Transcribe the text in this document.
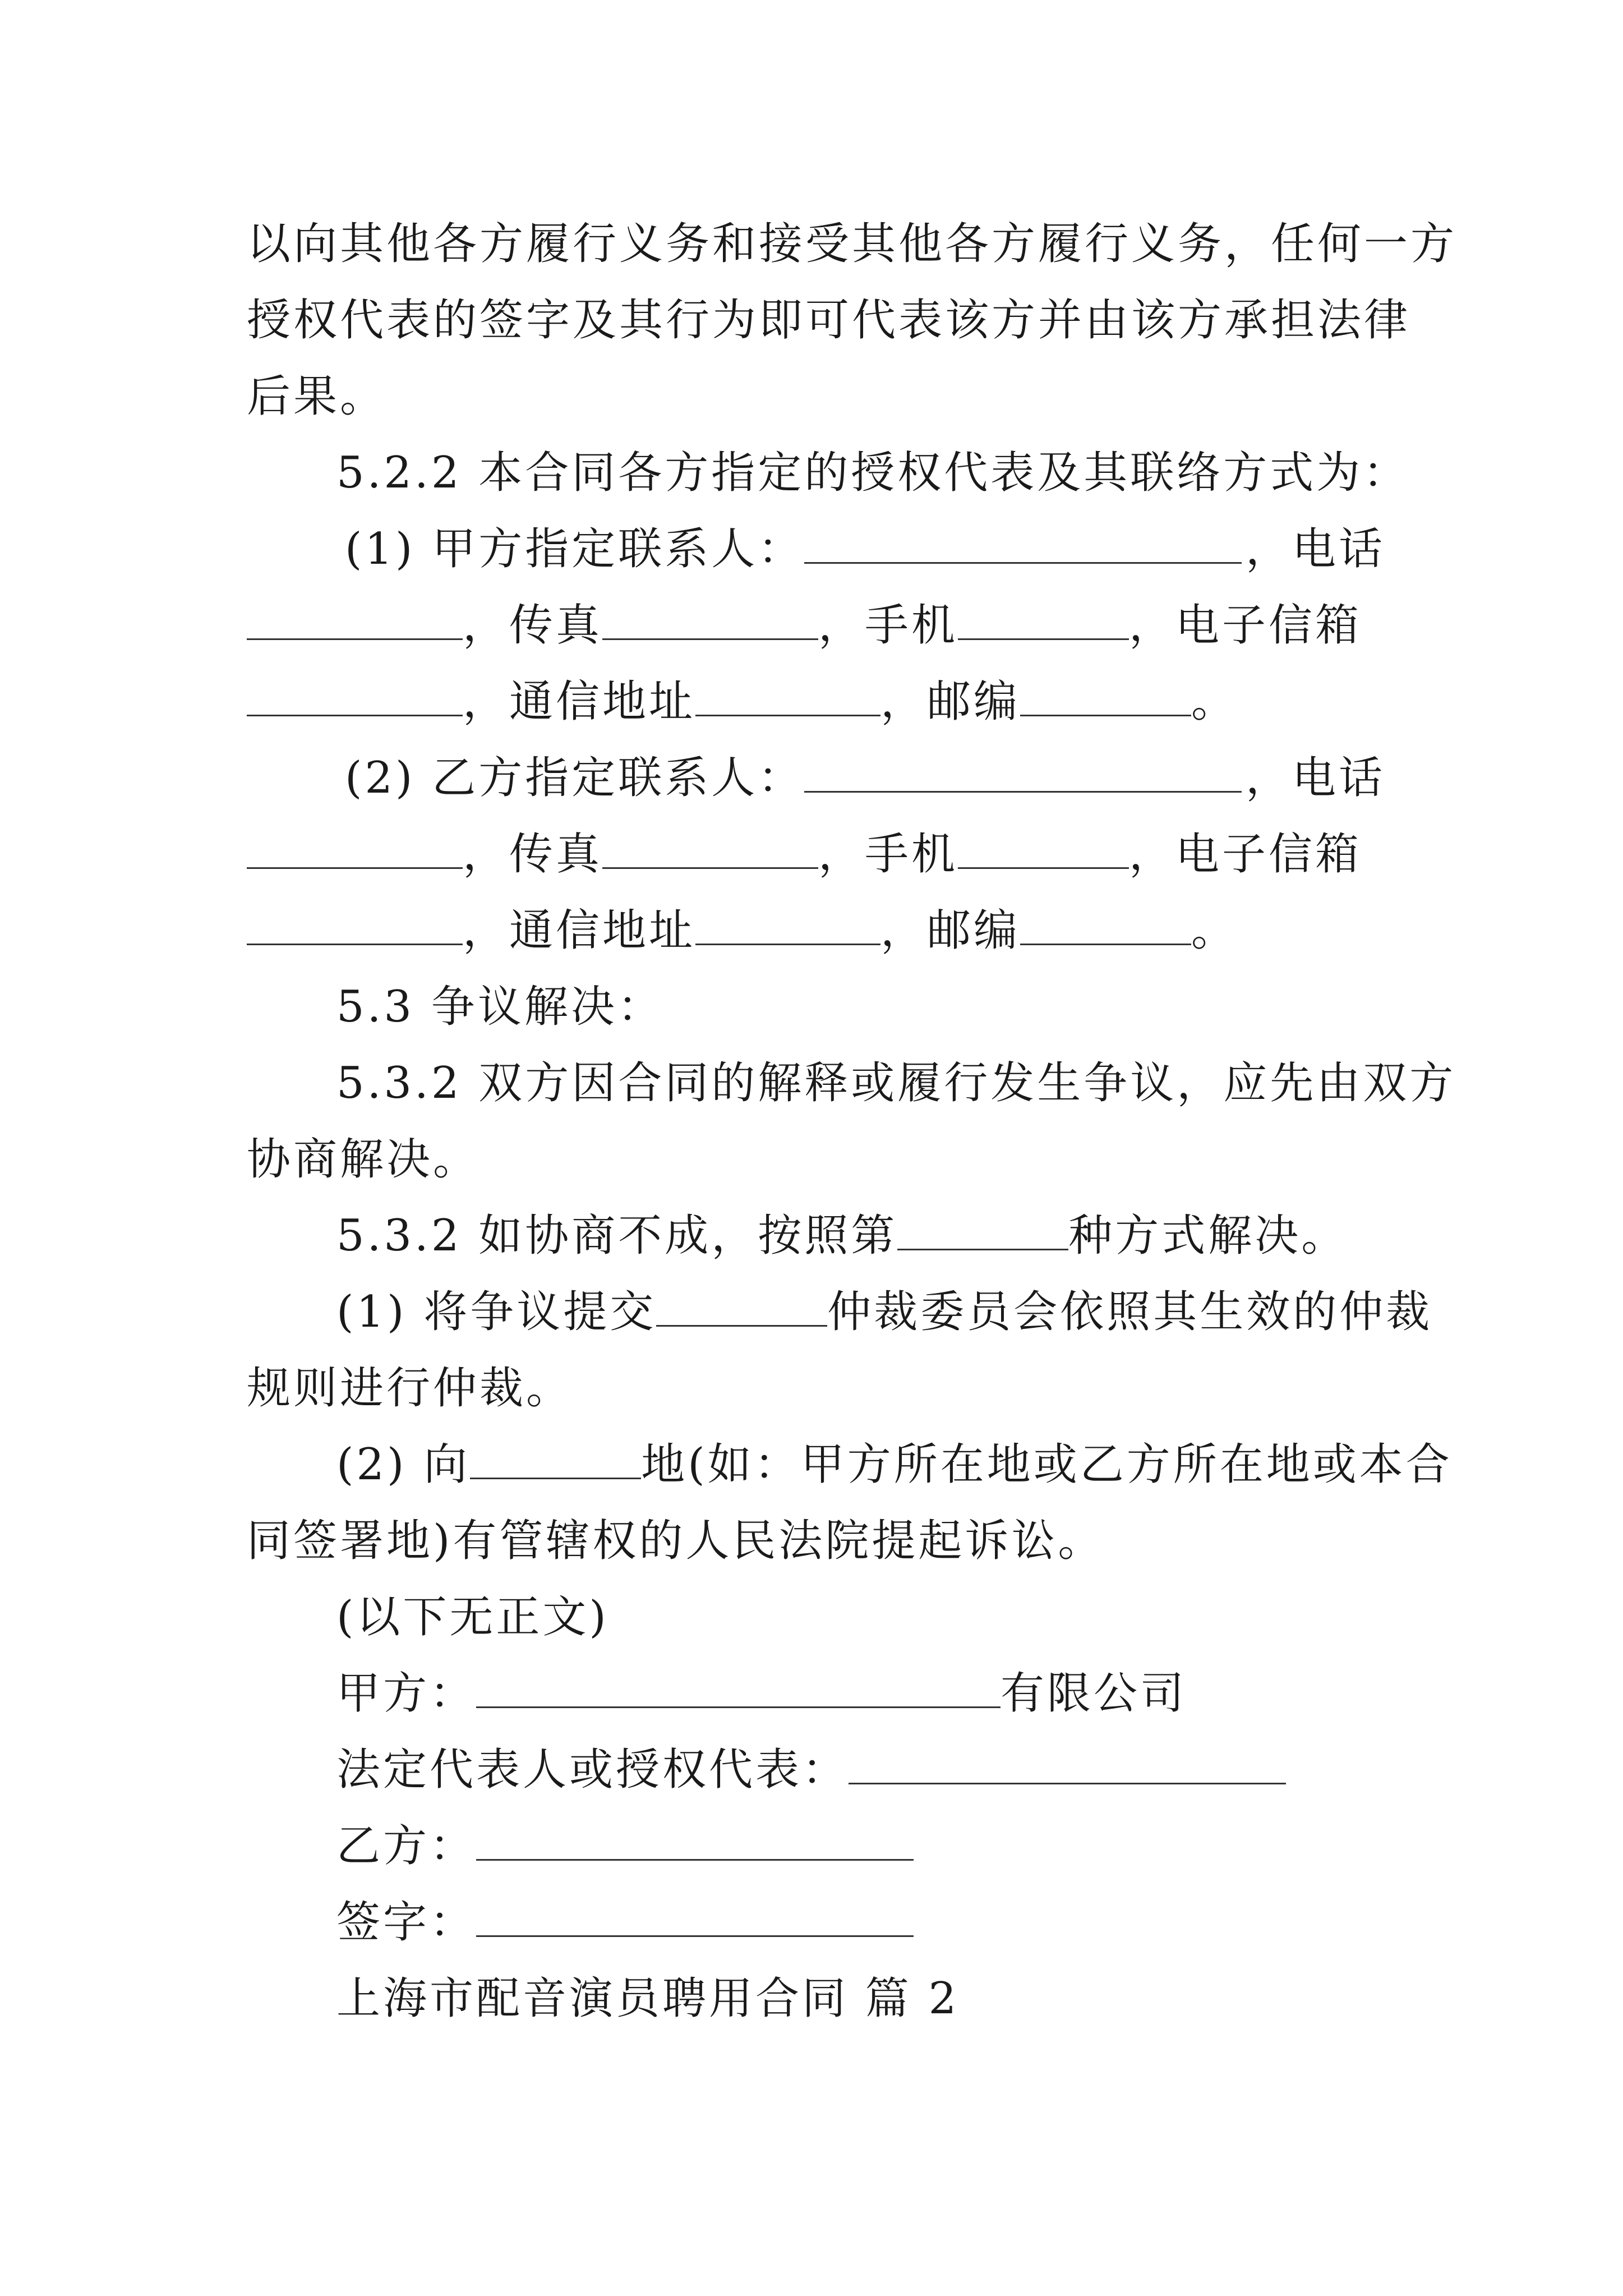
以向其他各方履行义务和接受其他各方履行义务，任何一方
授权代表的签字及其行为即可代表该方并由该方承担法律
后果。
5.2.2 本合同各方指定的授权代表及其联络方式为：
(1) 甲方指定联系人：	，电话
，传真	，手机	，电子信箱
，通信地址	，邮编	。
(2) 乙方指定联系人：	，电话
，传真	，手机	，电子信箱
，通信地址	，邮编	。
5.3 争议解决：
5.3.2 双方因合同的解释或履行发生争议，应先由双方
协商解决。
5.3.2 如协商不成，按照第	种方式解决。
(1) 将争议提交	仲裁委员会依照其生效的仲裁
规则进行仲裁。
(2) 向	地(如：甲方所在地或乙方所在地或本合
同签署地)有管辖权的人民法院提起诉讼。
(以下无正文)
甲方：	有限公司
法定代表人或授权代表：
乙方：
签字：
上海市配音演员聘用合同 篇 2
